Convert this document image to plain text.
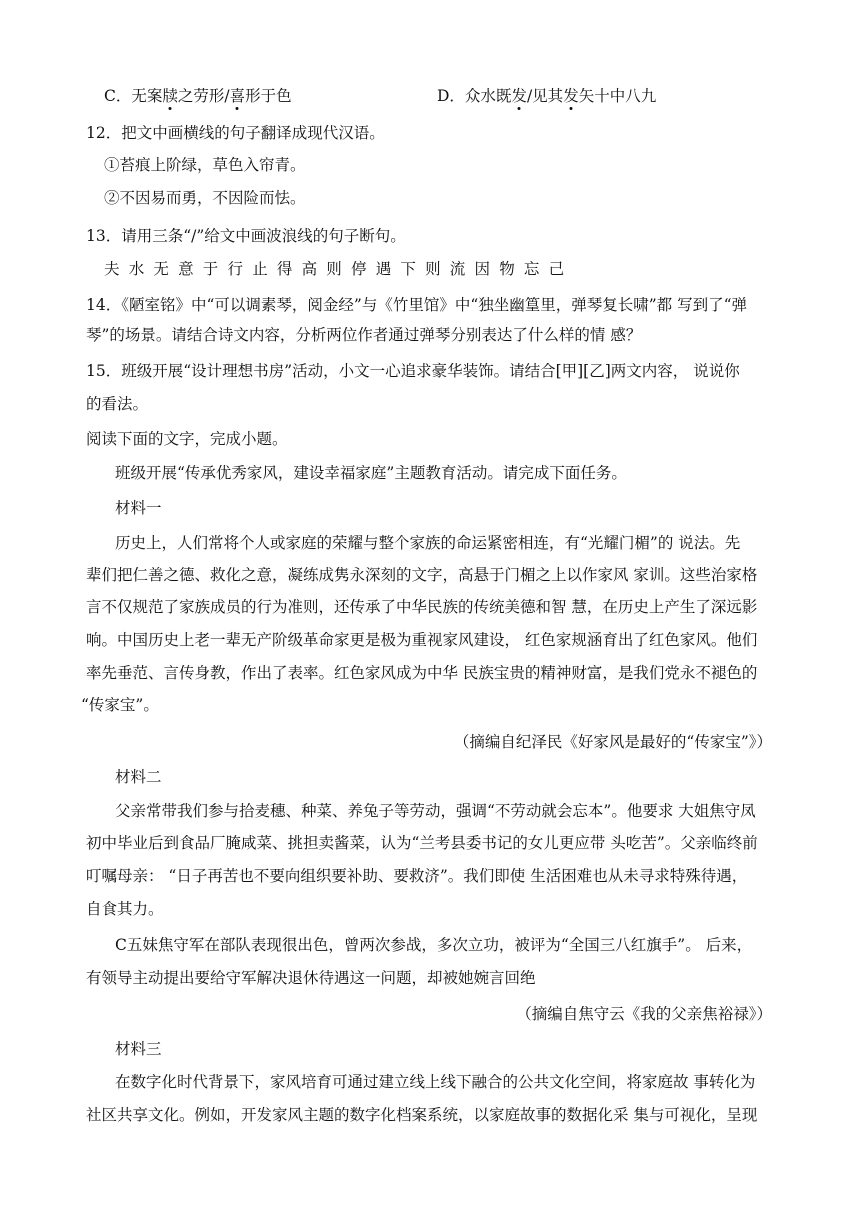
C．无案牍之劳形/喜形于色	D．众水既发/见其发矢十中八九
12．把文中画横线的句子翻译成现代汉语。
①苔痕上阶绿，草色入帘青。
②不因易而勇，不因险而怯。
13．请用三条“/”给文中画波浪线的句子断句。
夫水无意于行止得高则停遇下则流因物忘己
14．《陋室铭》中“可以调素琴，阅金经”与《竹里馆》中“独坐幽篁里，弹琴复长啸”都 写到了“弹
琴”的场景。请结合诗文内容，分析两位作者通过弹琴分别表达了什么样的情 感？
15．班级开展“设计理想书房”活动，小文一心追求豪华装饰。请结合[甲][乙]两文内容， 说说你
的看法。
阅读下面的文字，完成小题。
班级开展“传承优秀家风，建设幸福家庭”主题教育活动。请完成下面任务。
材料一
历史上，人们常将个人或家庭的荣耀与整个家族的命运紧密相连，有“光耀门楣”的 说法。先
辈们把仁善之德、救化之意，凝练成隽永深刻的文字，高悬于门楣之上以作家风 家训。这些治家格
言不仅规范了家族成员的行为准则，还传承了中华民族的传统美德和智 慧，在历史上产生了深远影
响。中国历史上老一辈无产阶级革命家更是极为重视家风建设， 红色家规涵育出了红色家风。他们
率先垂范、言传身教，作出了表率。红色家风成为中华 民族宝贵的精神财富，是我们党永不褪色的
“传家宝”。
（摘编自纪泽民《好家风是最好的“传家宝”》）
材料二
父亲常带我们参与拾麦穗、种菜、养兔子等劳动，强调“不劳动就会忘本”。他要求 大姐焦守凤
初中毕业后到食品厂腌咸菜、挑担卖酱菜，认为“兰考县委书记的女儿更应带 头吃苦”。父亲临终前
叮嘱母亲： “日子再苦也不要向组织要补助、要救济”。我们即使 生活困难也从未寻求特殊待遇，
自食其力。
C五妹焦守军在部队表现很出色，曾两次参战，多次立功，被评为“全国三八红旗手”。 后来，
有领导主动提出要给守军解决退休待遇这一问题，却被她婉言回绝
（摘编自焦守云《我的父亲焦裕禄》）
材料三
在数字化时代背景下，家风培育可通过建立线上线下融合的公共文化空间，将家庭故 事转化为
社区共享文化。例如，开发家风主题的数字化档案系统，以家庭故事的数据化采 集与可视化，呈现
